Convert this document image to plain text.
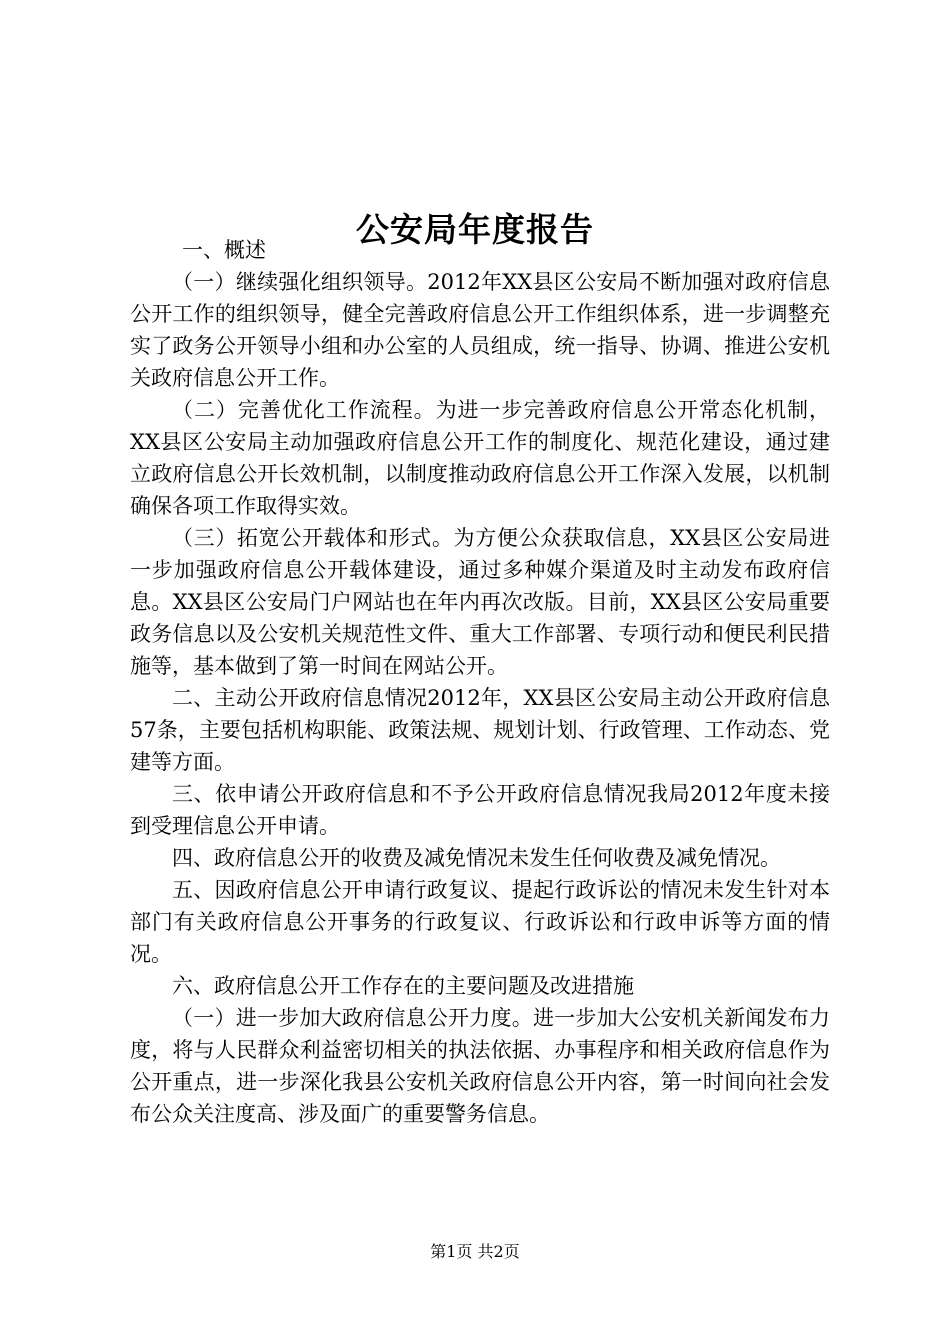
公安局年度报告

一、概述

（一）继续强化组织领导。2012年XX县区公安局不断加强对政府信息公开工作的组织领导，健全完善政府信息公开工作组织体系，进一步调整充实了政务公开领导小组和办公室的人员组成，统一指导、协调、推进公安机关政府信息公开工作。

（二）完善优化工作流程。为进一步完善政府信息公开常态化机制，XX县区公安局主动加强政府信息公开工作的制度化、规范化建设，通过建立政府信息公开长效机制，以制度推动政府信息公开工作深入发展，以机制确保各项工作取得实效。

（三）拓宽公开载体和形式。为方便公众获取信息，XX县区公安局进一步加强政府信息公开载体建设，通过多种媒介渠道及时主动发布政府信息。XX县区公安局门户网站也在年内再次改版。目前，XX县区公安局重要政务信息以及公安机关规范性文件、重大工作部署、专项行动和便民利民措施等，基本做到了第一时间在网站公开。

二、主动公开政府信息情况2012年，XX县区公安局主动公开政府信息57条，主要包括机构职能、政策法规、规划计划、行政管理、工作动态、党建等方面。

三、依申请公开政府信息和不予公开政府信息情况我局2012年度未接到受理信息公开申请。

四、政府信息公开的收费及减免情况未发生任何收费及减免情况。

五、因政府信息公开申请行政复议、提起行政诉讼的情况未发生针对本部门有关政府信息公开事务的行政复议、行政诉讼和行政申诉等方面的情况。

六、政府信息公开工作存在的主要问题及改进措施

（一）进一步加大政府信息公开力度。进一步加大公安机关新闻发布力度，将与人民群众利益密切相关的执法依据、办事程序和相关政府信息作为公开重点，进一步深化我县公安机关政府信息公开内容，第一时间向社会发布公众关注度高、涉及面广的重要警务信息。

第1页 共2页
